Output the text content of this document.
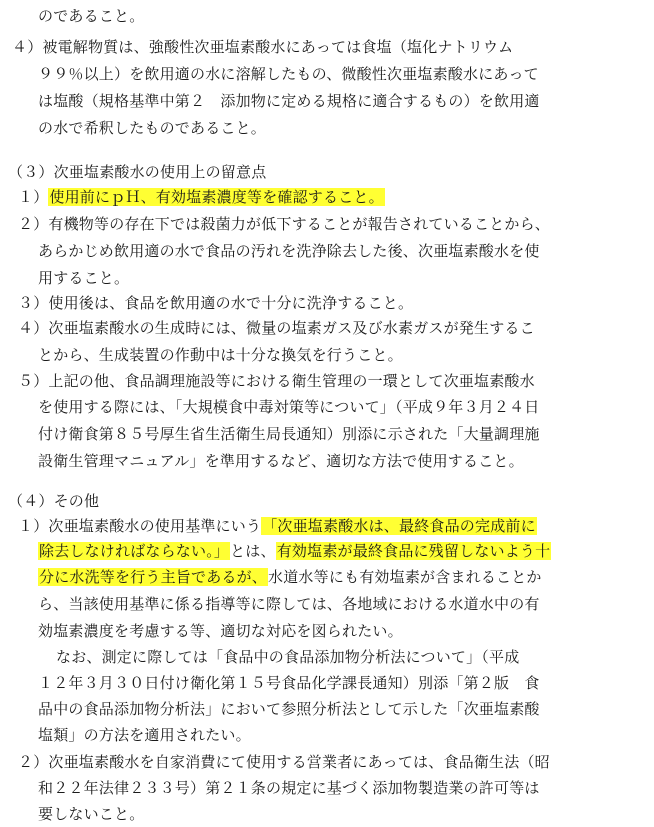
のであること。
４）被電解物質は、強酸性次亜塩素酸水にあっては食塩（塩化ナトリウム
９９％以上）を飲用適の水に溶解したもの、微酸性次亜塩素酸水にあって
は塩酸（規格基準中第２　添加物に定める規格に適合するもの）を飲用適
の水で希釈したものであること。
（３）次亜塩素酸水の使用上の留意点
１）使用前にｐＨ、有効塩素濃度等を確認すること。
２）有機物等の存在下では殺菌力が低下することが報告されていることから、
あらかじめ飲用適の水で食品の汚れを洗浄除去した後、次亜塩素酸水を使
用すること。
３）使用後は、食品を飲用適の水で十分に洗浄すること。
４）次亜塩素酸水の生成時には、微量の塩素ガス及び水素ガスが発生するこ
とから、生成装置の作動中は十分な換気を行うこと。
５）上記の他、食品調理施設等における衛生管理の一環として次亜塩素酸水
を使用する際には、「大規模食中毒対策等について」（平成９年３月２４日
付け衛食第８５号厚生省生活衛生局長通知）別添に示された「大量調理施
設衛生管理マニュアル」を準用するなど、適切な方法で使用すること。
（４）その他
１）次亜塩素酸水の使用基準にいう「次亜塩素酸水は、最終食品の完成前に
除去しなければならない。」とは、有効塩素が最終食品に残留しないよう十
分に水洗等を行う主旨であるが、水道水等にも有効塩素が含まれることか
ら、当該使用基準に係る指導等に際しては、各地域における水道水中の有
効塩素濃度を考慮する等、適切な対応を図られたい。
なお、測定に際しては「食品中の食品添加物分析法について」（平成
１２年３月３０日付け衛化第１５号食品化学課長通知）別添「第２版　食
品中の食品添加物分析法」において参照分析法として示した「次亜塩素酸
塩類」の方法を適用されたい。
２）次亜塩素酸水を自家消費にて使用する営業者にあっては、食品衛生法（昭
和２２年法律２３３号）第２１条の規定に基づく添加物製造業の許可等は
要しないこと。
